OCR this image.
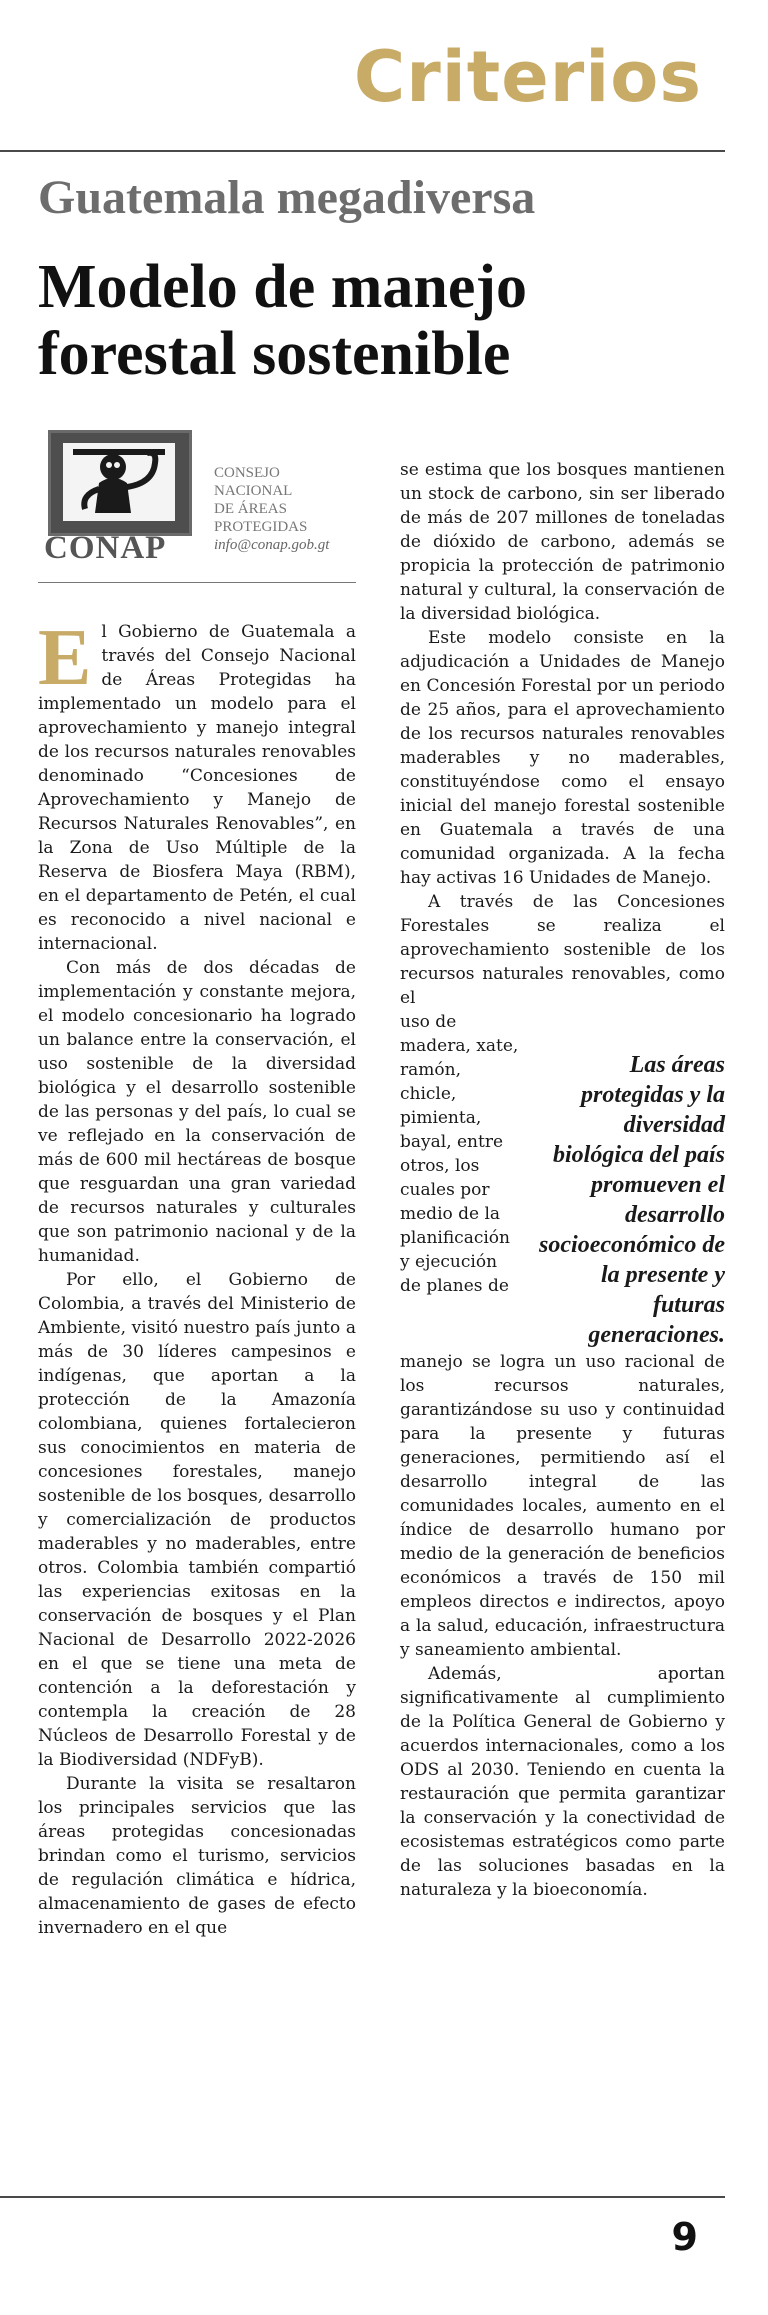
Criterios
Guatemala megadiversa
Modelo de manejo forestal sostenible
CONAP
CONSEJO
NACIONAL
DE ÁREAS
PROTEGIDAS
info@conap.gob.gt

El Gobierno de Guatemala a través del Consejo Nacional de Áreas Protegidas ha implementado un modelo para el aprovechamiento y manejo integral de los recursos naturales renovables denominado “Concesiones de Aprovechamiento y Manejo de Recursos Naturales Renovables”, en la Zona de Uso Múltiple de la Reserva de Biosfera Maya (RBM), en el departamento de Petén, el cual es reconocido a nivel nacional e internacional.

Con más de dos décadas de implementación y constante mejora, el modelo concesionario ha logrado un balance entre la conservación, el uso sostenible de la diversidad biológica y el desarrollo sostenible de las personas y del país, lo cual se ve reflejado en la conservación de más de 600 mil hectáreas de bosque que resguardan una gran variedad de recursos naturales y culturales que son patrimonio nacional y de la humanidad.

Por ello, el Gobierno de Colombia, a través del Ministerio de Ambiente, visitó nuestro país junto a más de 30 líderes campesinos e indígenas, que aportan a la protección de la Amazonía colombiana, quienes fortalecieron sus conocimientos en materia de concesiones forestales, manejo sostenible de los bosques, desarrollo y comercialización de productos maderables y no maderables, entre otros. Colombia también compartió las experiencias exitosas en la conservación de bosques y el Plan Nacional de Desarrollo 2022-2026 en el que se tiene una meta de contención a la deforestación y contempla la creación de 28 Núcleos de Desarrollo Forestal y de la Biodiversidad (NDFyB).

Durante la visita se resaltaron los principales servicios que las áreas protegidas concesionadas brindan como el turismo, servicios de regulación climática e hídrica, almacenamiento de gases de efecto invernadero en el que

se estima que los bosques mantienen un stock de carbono, sin ser liberado de más de 207 millones de toneladas de dióxido de carbono, además se propicia la protección de patrimonio natural y cultural, la conservación de la diversidad biológica.

Este modelo consiste en la adjudicación a Unidades de Manejo en Concesión Forestal por un periodo de 25 años, para el aprovechamiento de los recursos naturales renovables maderables y no maderables, constituyéndose como el ensayo inicial del manejo forestal sostenible en Guatemala a través de una comunidad organizada. A la fecha hay activas 16 Unidades de Manejo.

A través de las Concesiones Forestales se realiza el aprovechamiento sostenible de los recursos naturales renovables, como el

uso de madera, xate, ramón, chicle, pimienta, bayal, entre otros, los cuales por medio de la planificación y ejecución de planes de
Las áreas protegidas y la diversidad biológica del país promueven el desarrollo socioeconómico de la presente y futuras generaciones.

manejo se logra un uso racional de los recursos naturales, garantizándose su uso y continuidad para la presente y futuras generaciones, permitiendo así el desarrollo integral de las comunidades locales, aumento en el índice de desarrollo humano por medio de la generación de beneficios económicos a través de 150 mil empleos directos e indirectos, apoyo a la salud, educación, infraestructura y saneamiento ambiental.

Además, aportan significativamente al cumplimiento de la Política General de Gobierno y acuerdos internacionales, como a los ODS al 2030. Teniendo en cuenta la restauración que permita garantizar la conservación y la conectividad de ecosistemas estratégicos como parte de las soluciones basadas en la naturaleza y la bioeconomía.

9
